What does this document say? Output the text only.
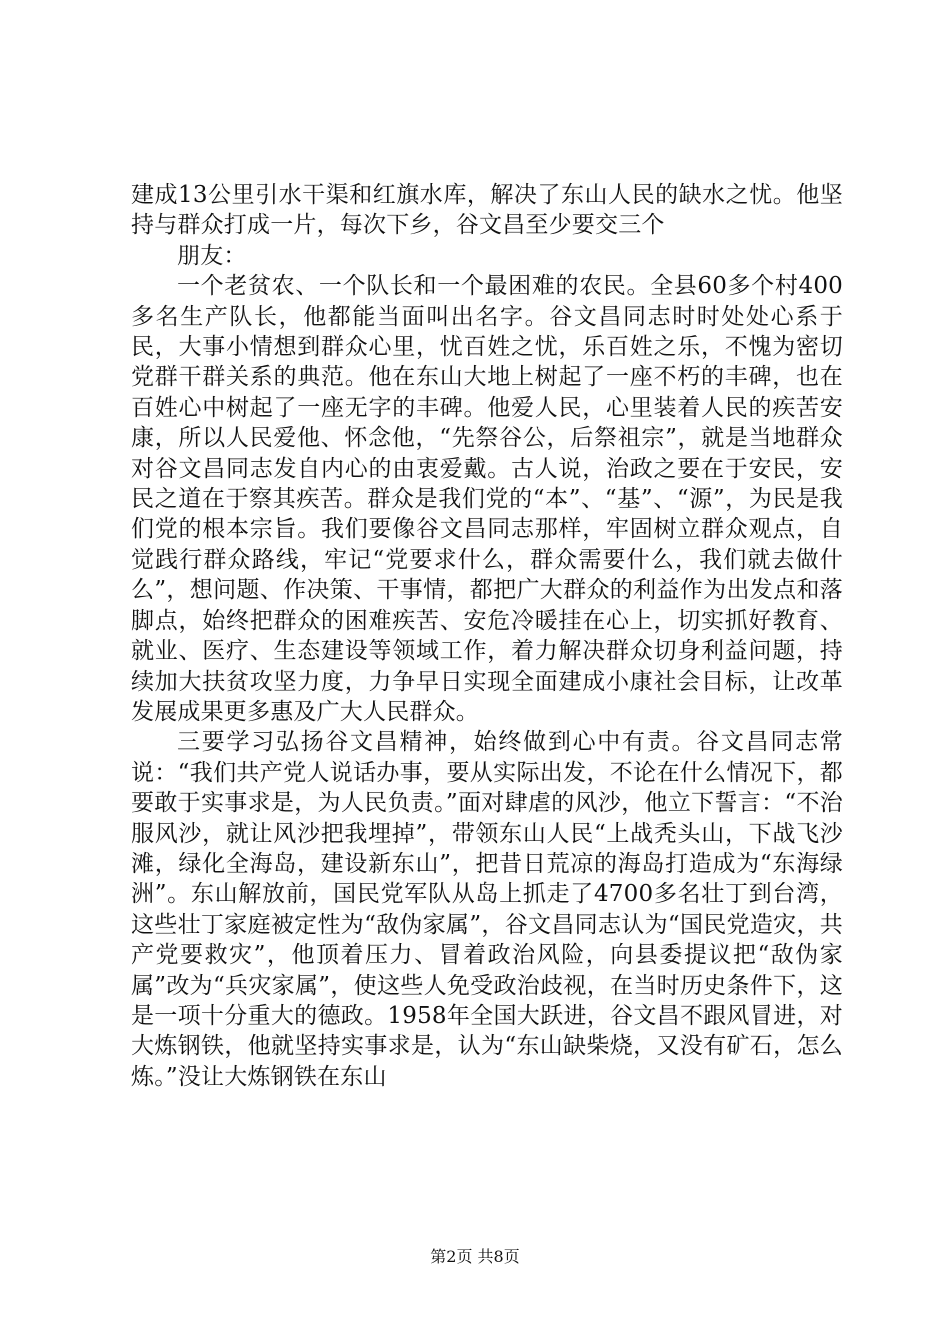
建成13公里引水干渠和红旗水库，解决了东山人民的缺水之忧。他坚持与群众打成一片，每次下乡，谷文昌至少要交三个

朋友：

一个老贫农、一个队长和一个最困难的农民。全县60多个村400多名生产队长，他都能当面叫出名字。谷文昌同志时时处处心系于民，大事小情想到群众心里，忧百姓之忧，乐百姓之乐，不愧为密切党群干群关系的典范。他在东山大地上树起了一座不朽的丰碑，也在百姓心中树起了一座无字的丰碑。他爱人民，心里装着人民的疾苦安康，所以人民爱他、怀念他，“先祭谷公，后祭祖宗”，就是当地群众对谷文昌同志发自内心的由衷爱戴。古人说，治政之要在于安民，安民之道在于察其疾苦。群众是我们党的“本”、“基”、“源”，为民是我们党的根本宗旨。我们要像谷文昌同志那样，牢固树立群众观点，自觉践行群众路线，牢记“党要求什么，群众需要什么，我们就去做什么”，想问题、作决策、干事情，都把广大群众的利益作为出发点和落脚点，始终把群众的困难疾苦、安危冷暖挂在心上，切实抓好教育、就业、医疗、生态建设等领域工作，着力解决群众切身利益问题，持续加大扶贫攻坚力度，力争早日实现全面建成小康社会目标，让改革发展成果更多惠及广大人民群众。

三要学习弘扬谷文昌精神，始终做到心中有责。谷文昌同志常说：“我们共产党人说话办事，要从实际出发，不论在什么情况下，都要敢于实事求是，为人民负责。”面对肆虐的风沙，他立下誓言：“不治服风沙，就让风沙把我埋掉”，带领东山人民“上战秃头山，下战飞沙滩，绿化全海岛，建设新东山”，把昔日荒凉的海岛打造成为“东海绿洲”。东山解放前，国民党军队从岛上抓走了4700多名壮丁到台湾，这些壮丁家庭被定性为“敌伪家属”，谷文昌同志认为“国民党造灾，共产党要救灾”，他顶着压力、冒着政治风险，向县委提议把“敌伪家属”改为“兵灾家属”，使这些人免受政治歧视，在当时历史条件下，这是一项十分重大的德政。1958年全国大跃进，谷文昌不跟风冒进，对大炼钢铁，他就坚持实事求是，认为“东山缺柴烧，又没有矿石，怎么炼。”没让大炼钢铁在东山

第2页 共8页
